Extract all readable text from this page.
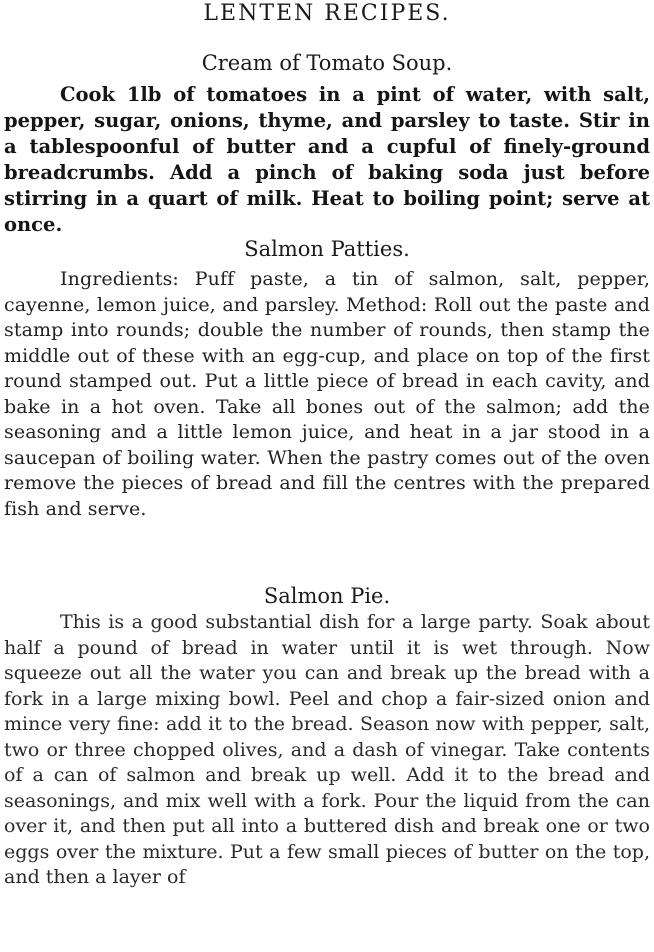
LENTEN RECIPES.
Cream of Tomato Soup.

Cook 1lb of tomatoes in a pint of water, with salt, pepper, sugar, onions, thyme, and parsley to taste. Stir in a tablespoonful of butter and a cupful of finely-ground breadcrumbs. Add a pinch of baking soda just before stirring in a quart of milk. Heat to boiling point; serve at once.

Salmon Patties.

Ingredients: Puff paste, a tin of salmon, salt, pepper, cayenne, lemon juice, and parsley. Method: Roll out the paste and stamp into rounds; double the number of rounds, then stamp the middle out of these with an egg-cup, and place on top of the first round stamped out. Put a little piece of bread in each cavity, and bake in a hot oven. Take all bones out of the salmon; add the seasoning and a little lemon juice, and heat in a jar stood in a saucepan of boiling water. When the pastry comes out of the oven remove the pieces of bread and fill the centres with the prepared fish and serve.

Salmon Pie.

This is a good substantial dish for a large party. Soak about half a pound of bread in water until it is wet through. Now squeeze out all the water you can and break up the bread with a fork in a large mixing bowl. Peel and chop a fair-sized onion and mince very fine: add it to the bread. Season now with pepper, salt, two or three chopped olives, and a dash of vinegar. Take contents of a can of salmon and break up well. Add it to the bread and seasonings, and mix well with a fork. Pour the liquid from the can over it, and then put all into a buttered dish and break one or two eggs over the mixture. Put a few small pieces of butter on the top, and then a layer of
